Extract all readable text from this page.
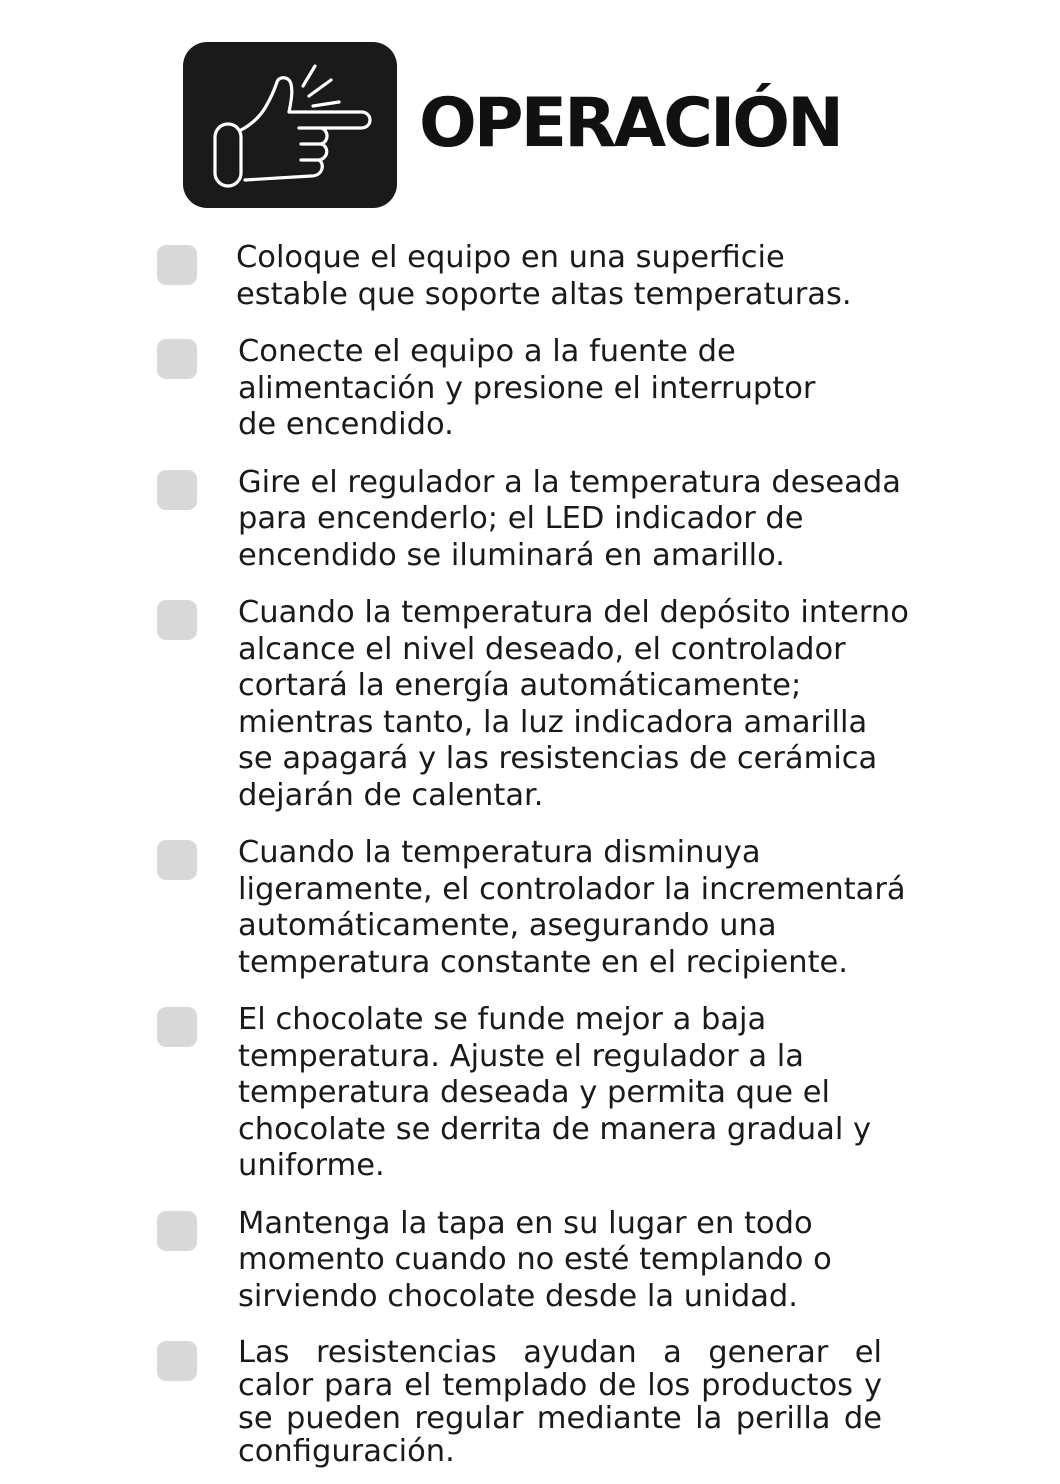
OPERACIÓN

Coloque el equipo en una superficie
estable que soporte altas temperaturas.

Conecte el equipo a la fuente de
alimentación y presione el interruptor
de encendido.

Gire el regulador a la temperatura deseada
para encenderlo; el LED indicador de
encendido se iluminará en amarillo.

Cuando la temperatura del depósito interno
alcance el nivel deseado, el controlador
cortará la energía automáticamente;
mientras tanto, la luz indicadora amarilla
se apagará y las resistencias de cerámica
dejarán de calentar.

Cuando la temperatura disminuya
ligeramente, el controlador la incrementará
automáticamente, asegurando una
temperatura constante en el recipiente.

El chocolate se funde mejor a baja
temperatura. Ajuste el regulador a la
temperatura deseada y permita que el
chocolate se derrita de manera gradual y
uniforme.

Mantenga la tapa en su lugar en todo
momento cuando no esté templando o
sirviendo chocolate desde la unidad.

Las resistencias ayudan a generar el calor para el templado de los productos y se pueden regular mediante la perilla de configuración.
